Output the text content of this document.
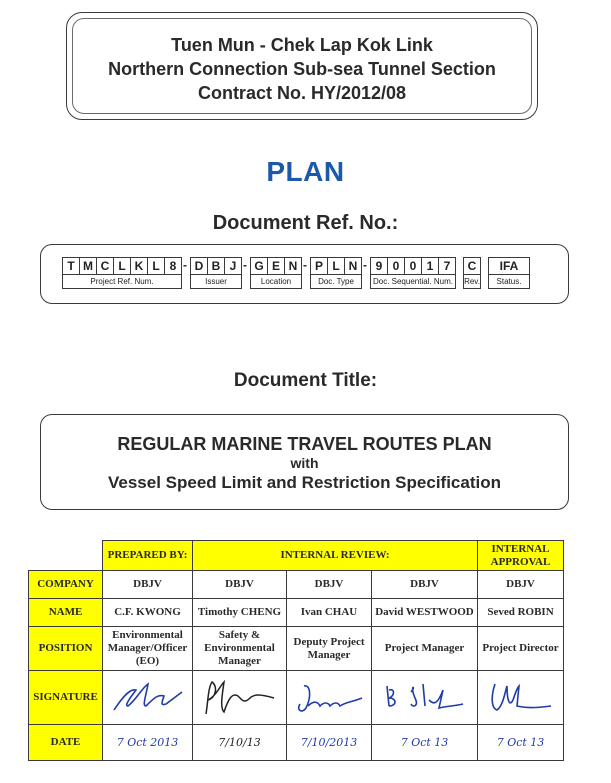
Tuen Mun - Chek Lap Kok Link
Northern Connection Sub-sea Tunnel Section
Contract No. HY/2012/08
PLAN
Document Ref. No.:
T M C L K L 8 - D B J - G E N - P L N - 9 0 0 1 7	C	IFA
Project Ref. Num.	Issuer	Location	Doc. Type	Doc. Sequential. Num.	Rev.	Status.
Document Title:
REGULAR MARINE TRAVEL ROUTES PLAN
with
Vessel Speed Limit and Restriction Specification
	PREPARED BY:	INTERNAL REVIEW:			INTERNAL APPROVAL
COMPANY	DBJV	DBJV	DBJV	DBJV	DBJV
NAME	C.F. KWONG	Timothy CHENG	Ivan CHAU	David WESTWOOD	Seved ROBIN
POSITION	Environmental Manager/Officer (EO)	Safety & Environmental Manager	Deputy Project Manager	Project Manager	Project Director
SIGNATURE	

DATE	7 Oct 2013	7/10/13	7/10/2013	7 Oct 13	7 Oct 13
